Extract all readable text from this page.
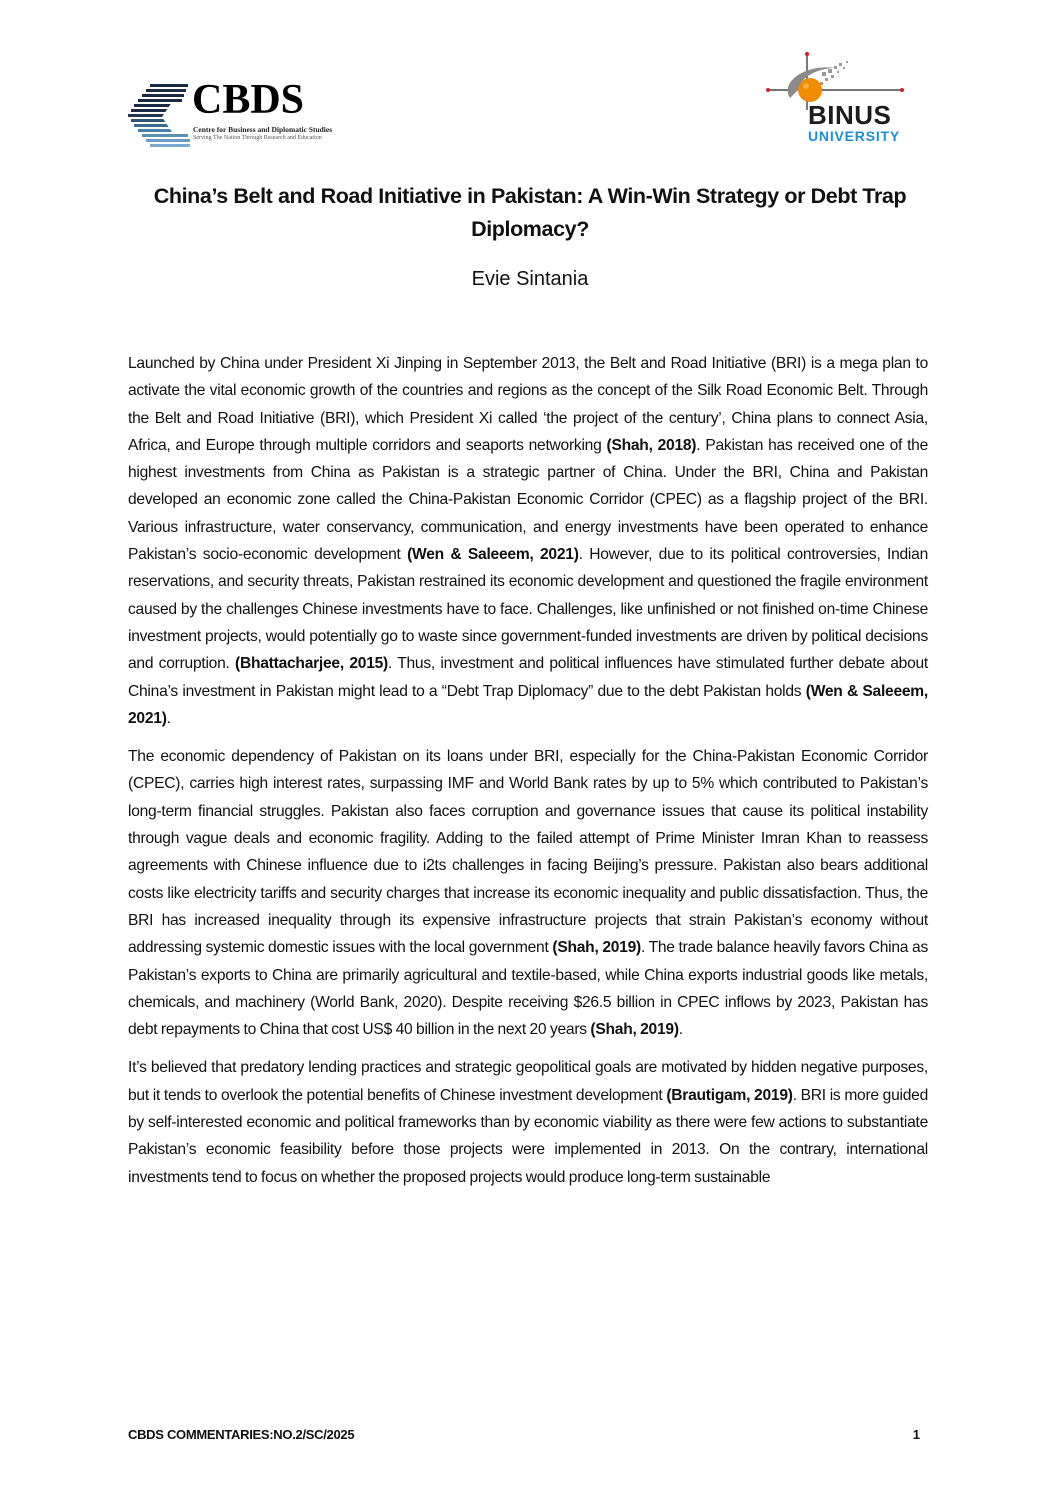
CBDS
Centre for Business and Diplomatic Studies
Serving The Nation Through Research and Education
BINUS
UNIVERSITY
China’s Belt and Road Initiative in Pakistan: A Win-Win Strategy or Debt Trap Diplomacy?
Evie Sintania

Launched by China under President Xi Jinping in September 2013, the Belt and Road Initiative (BRI) is a mega plan to activate the vital economic growth of the countries and regions as the concept of the Silk Road Economic Belt. Through the Belt and Road Initiative (BRI), which President Xi called ‘the project of the century’, China plans to connect Asia, Africa, and Europe through multiple corridors and seaports networking (Shah, 2018). Pakistan has received one of the highest investments from China as Pakistan is a strategic partner of China. Under the BRI, China and Pakistan developed an economic zone called the China-Pakistan Economic Corridor (CPEC) as a flagship project of the BRI. Various infrastructure, water conservancy, communication, and energy investments have been operated to enhance Pakistan’s socio-economic development (Wen & Saleeem, 2021). However, due to its political controversies, Indian reservations, and security threats, Pakistan restrained its economic development and questioned the fragile environment caused by the challenges Chinese investments have to face. Challenges, like unfinished or not finished on-time Chinese investment projects, would potentially go to waste since government-funded investments are driven by political decisions and corruption. (Bhattacharjee, 2015). Thus, investment and political influences have stimulated further debate about China’s investment in Pakistan might lead to a “Debt Trap Diplomacy” due to the debt Pakistan holds (Wen & Saleeem, 2021).

The economic dependency of Pakistan on its loans under BRI, especially for the China-Pakistan Economic Corridor (CPEC), carries high interest rates, surpassing IMF and World Bank rates by up to 5% which contributed to Pakistan’s long-term financial struggles. Pakistan also faces corruption and governance issues that cause its political instability through vague deals and economic fragility. Adding to the failed attempt of Prime Minister Imran Khan to reassess agreements with Chinese influence due to i2ts challenges in facing Beijing’s pressure. Pakistan also bears additional costs like electricity tariffs and security charges that increase its economic inequality and public dissatisfaction. Thus, the BRI has increased inequality through its expensive infrastructure projects that strain Pakistan’s economy without addressing systemic domestic issues with the local government (Shah, 2019). The trade balance heavily favors China as Pakistan’s exports to China are primarily agricultural and textile-based, while China exports industrial goods like metals, chemicals, and machinery (World Bank, 2020). Despite receiving $26.5 billion in CPEC inflows by 2023, Pakistan has debt repayments to China that cost US$ 40 billion in the next 20 years (Shah, 2019).

It’s believed that predatory lending practices and strategic geopolitical goals are motivated by hidden negative purposes, but it tends to overlook the potential benefits of Chinese investment development (Brautigam, 2019). BRI is more guided by self-interested economic and political frameworks than by economic viability as there were few actions to substantiate Pakistan’s economic feasibility before those projects were implemented in 2013. On the contrary, international investments tend to focus on whether the proposed projects would produce long-term sustainable

CBDS COMMENTARIES:NO.2/SC/2025	1
